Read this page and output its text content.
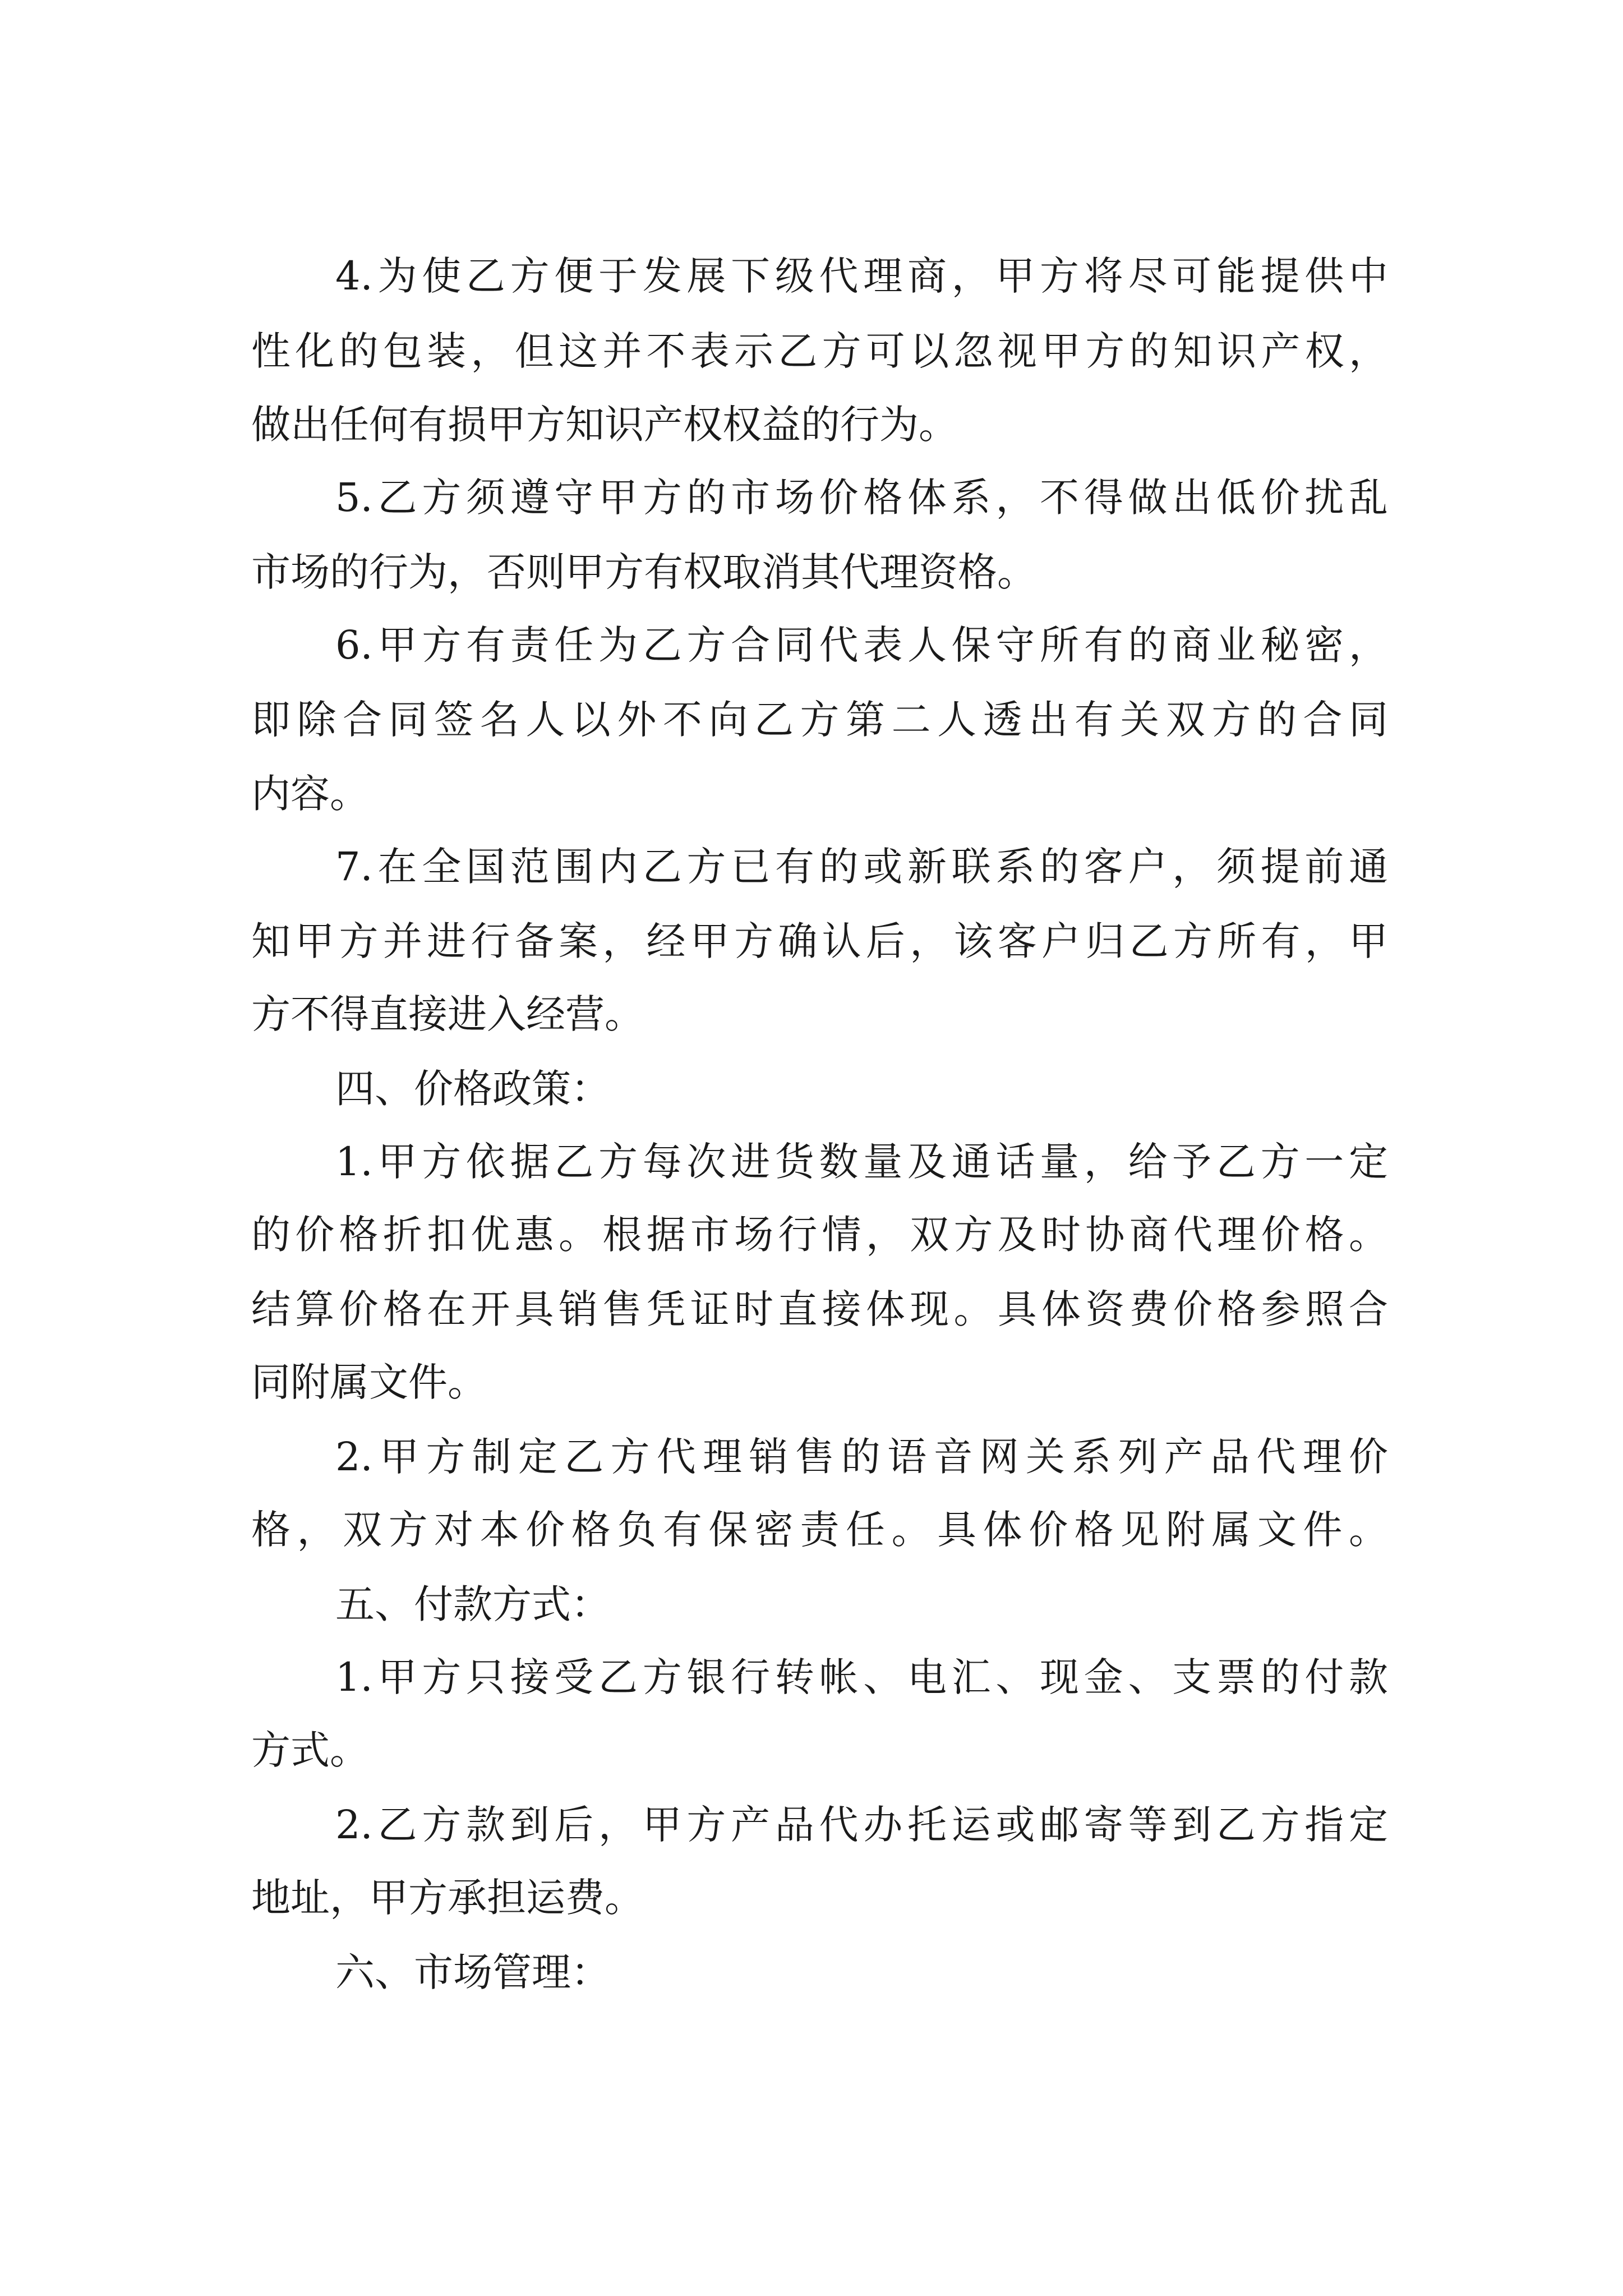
4.为使乙方便于发展下级代理商，甲方将尽可能提供中
性化的包装，但这并不表示乙方可以忽视甲方的知识产权，
做出任何有损甲方知识产权权益的行为。
5.乙方须遵守甲方的市场价格体系，不得做出低价扰乱
市场的行为，否则甲方有权取消其代理资格。
6.甲方有责任为乙方合同代表人保守所有的商业秘密，
即除合同签名人以外不向乙方第二人透出有关双方的合同
内容。
7.在全国范围内乙方已有的或新联系的客户，须提前通
知甲方并进行备案，经甲方确认后，该客户归乙方所有，甲
方不得直接进入经营。
四、价格政策：
1.甲方依据乙方每次进货数量及通话量，给予乙方一定
的价格折扣优惠。根据市场行情，双方及时协商代理价格。
结算价格在开具销售凭证时直接体现。具体资费价格参照合
同附属文件。
2.甲方制定乙方代理销售的语音网关系列产品代理价
格，双方对本价格负有保密责任。具体价格见附属文件。
五、付款方式：
1.甲方只接受乙方银行转帐、电汇、现金、支票的付款
方式。
2.乙方款到后，甲方产品代办托运或邮寄等到乙方指定
地址，甲方承担运费。
六、市场管理：
